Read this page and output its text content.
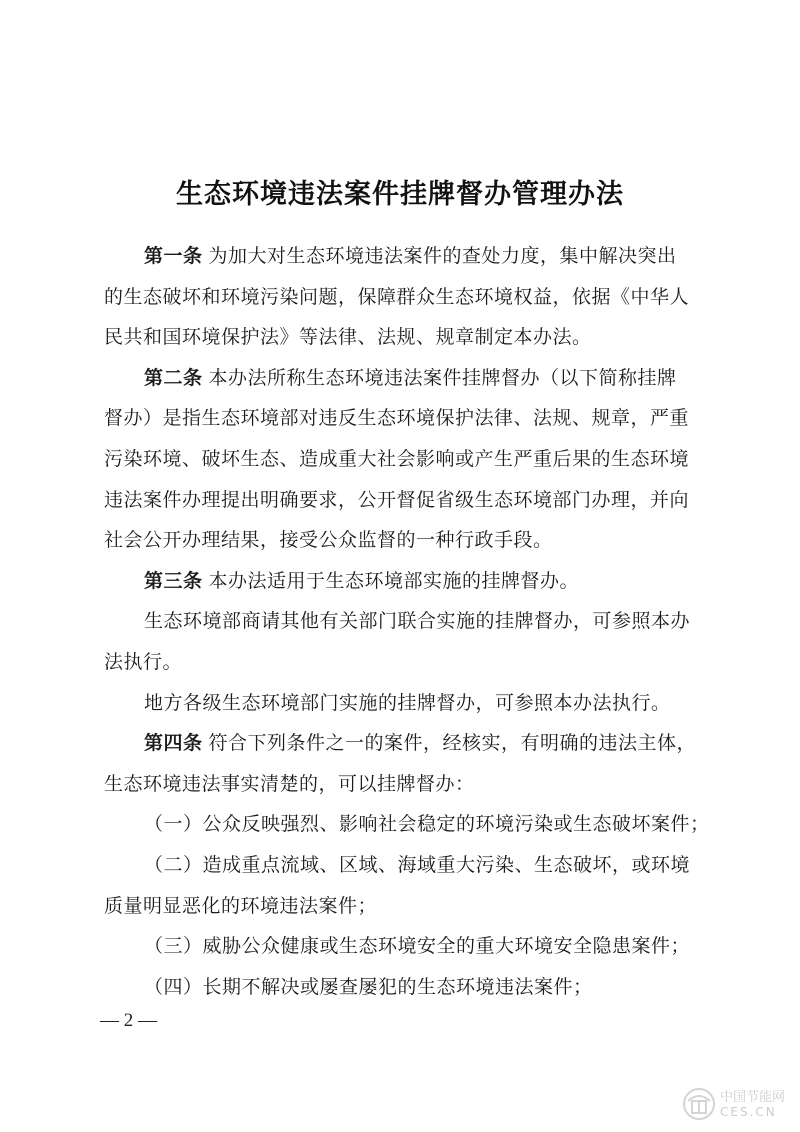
生态环境违法案件挂牌督办管理办法
第一条 为加大对生态环境违法案件的查处力度，集中解决突出
的生态破坏和环境污染问题，保障群众生态环境权益，依据《中华人
民共和国环境保护法》等法律、法规、规章制定本办法。
第二条 本办法所称生态环境违法案件挂牌督办（以下简称挂牌
督办）是指生态环境部对违反生态环境保护法律、法规、规章，严重
污染环境、破坏生态、造成重大社会影响或产生严重后果的生态环境
违法案件办理提出明确要求，公开督促省级生态环境部门办理，并向
社会公开办理结果，接受公众监督的一种行政手段。
第三条 本办法适用于生态环境部实施的挂牌督办。
生态环境部商请其他有关部门联合实施的挂牌督办，可参照本办
法执行。
地方各级生态环境部门实施的挂牌督办，可参照本办法执行。
第四条 符合下列条件之一的案件，经核实，有明确的违法主体，
生态环境违法事实清楚的，可以挂牌督办：
（一）公众反映强烈、影响社会稳定的环境污染或生态破坏案件；
（二）造成重点流域、区域、海域重大污染、生态破坏，或环境
质量明显恶化的环境违法案件；
（三）威胁公众健康或生态环境安全的重大环境安全隐患案件；
（四）长期不解决或屡查屡犯的生态环境违法案件；
— 2 —
中国节能网
CES.CN
